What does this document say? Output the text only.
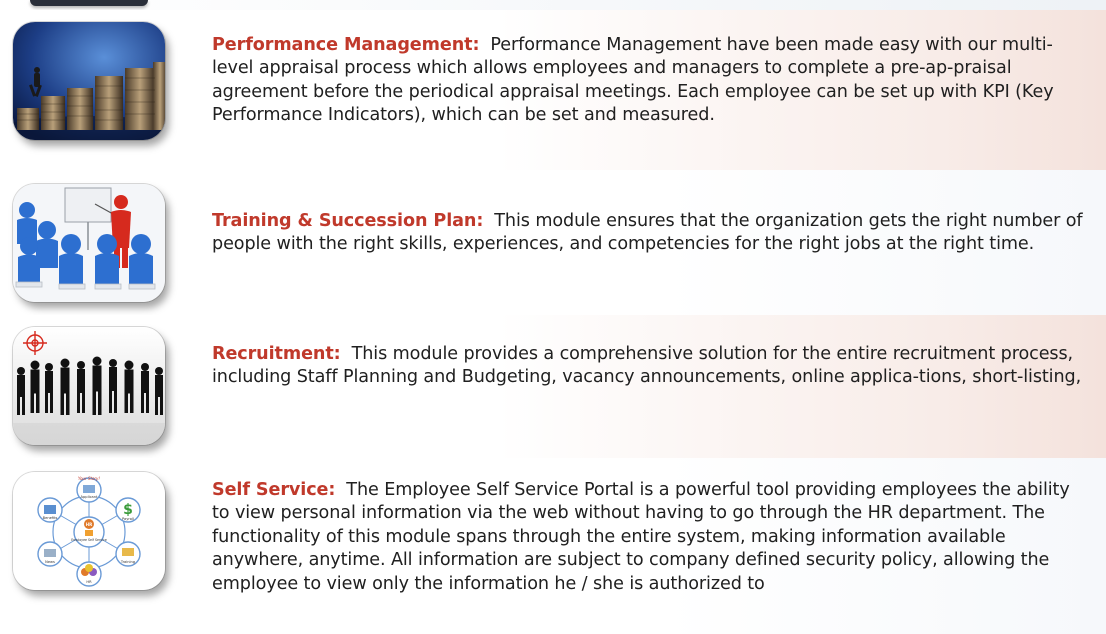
Performance Management: Performance Management have been made easy with our multi-level appraisal process which allows employees and managers to complete a pre-ap-praisal agreement before the periodical appraisal meetings. Each employee can be set up with KPI (Key Performance Indicators), which can be set and measured.
Training & Succession Plan: This module ensures that the organization gets the right number of people with the right skills, experiences, and competencies for the right jobs at the right time.
Recruitment: This module provides a comprehensive solution for the entire recruitment process, including Staff Planning and Budgeting, vacancy announcements, online applica-tions, short-listing,
Your Story!
Applicant
$
Payroll
Training
HR
News
Benefits
HR
Employee Self Service
Self Service: The Employee Self Service Portal is a powerful tool providing employees the ability to view personal information via the web without having to go through the HR department. The functionality of this module spans through the entire system, making information available anywhere, anytime. All information are subject to company defined security policy, allowing the employee to view only the information he / she is authorized to
